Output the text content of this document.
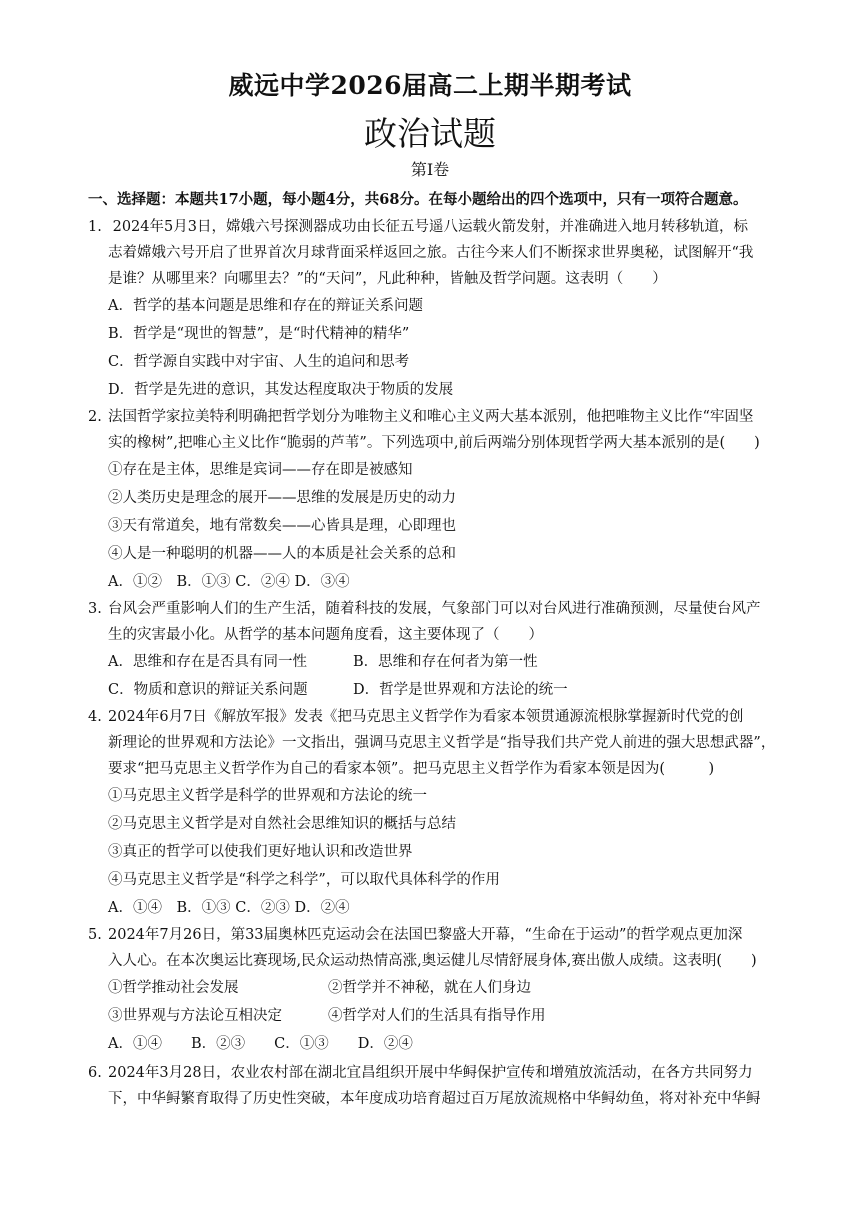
威远中学2026届高二上期半期考试
政治试题
第Ⅰ卷
一、选择题：本题共17小题，每小题4分，共68分。在每小题给出的四个选项中，只有一项符合题意。
1. 2024年5月3日，嫦娥六号探测器成功由长征五号遥八运载火箭发射，并准确进入地月转移轨道，标
志着嫦娥六号开启了世界首次月球背面采样返回之旅。古往今来人们不断探求世界奥秘，试图解开“我
是谁？从哪里来？向哪里去？”的“天问”，凡此种种，皆触及哲学问题。这表明（　　）
A．哲学的基本问题是思维和存在的辩证关系问题
B．哲学是“现世的智慧”，是“时代精神的精华”
C．哲学源自实践中对宇宙、人生的追问和思考
D．哲学是先进的意识，其发达程度取决于物质的发展
2. 法国哲学家拉美特利明确把哲学划分为唯物主义和唯心主义两大基本派别，他把唯物主义比作“牢固坚
实的橡树”,把唯心主义比作“脆弱的芦苇”。下列选项中,前后两端分别体现哲学两大基本派别的是(　　)
①存在是主体，思维是宾词——存在即是被感知
②人类历史是理念的展开——思维的发展是历史的动力
③天有常道矣，地有常数矣——心皆具是理，心即理也
④人是一种聪明的机器——人的本质是社会关系的总和
A．①②　B．①③ C．②④ D．③④
3. 台风会严重影响人们的生产生活，随着科技的发展，气象部门可以对台风进行准确预测，尽量使台风产
生的灾害最小化。从哲学的基本问题角度看，这主要体现了（　　）
A．思维和存在是否具有同一性	B．思维和存在何者为第一性
C．物质和意识的辩证关系问题	D．哲学是世界观和方法论的统一
4. 2024年6月7日《解放军报》发表《把马克思主义哲学作为看家本领贯通源流根脉掌握新时代党的创
新理论的世界观和方法论》一文指出，强调马克思主义哲学是“指导我们共产党人前进的强大思想武器”，
要求“把马克思主义哲学作为自己的看家本领”。把马克思主义哲学作为看家本领是因为(　　　)
①马克思主义哲学是科学的世界观和方法论的统一
②马克思主义哲学是对自然社会思维知识的概括与总结
③真正的哲学可以使我们更好地认识和改造世界
④马克思主义哲学是“科学之科学”，可以取代具体科学的作用
A．①④　B．①③ C．②③ D．②④
5. 2024年7月26日，第33届奥林匹克运动会在法国巴黎盛大开幕，“生命在于运动”的哲学观点更加深
入人心。在本次奥运比赛现场,民众运动热情高涨,奥运健儿尽情舒展身体,赛出傲人成绩。这表明(　　)
①哲学推动社会发展	②哲学并不神秘，就在人们身边
③世界观与方法论互相决定	④哲学对人们的生活具有指导作用
A．①④　　B．②③　　C．①③　　D．②④
6. 2024年3月28日，农业农村部在湖北宜昌组织开展中华鲟保护宣传和增殖放流活动，在各方共同努力
下，中华鲟繁育取得了历史性突破，本年度成功培育超过百万尾放流规格中华鲟幼鱼，将对补充中华鲟
